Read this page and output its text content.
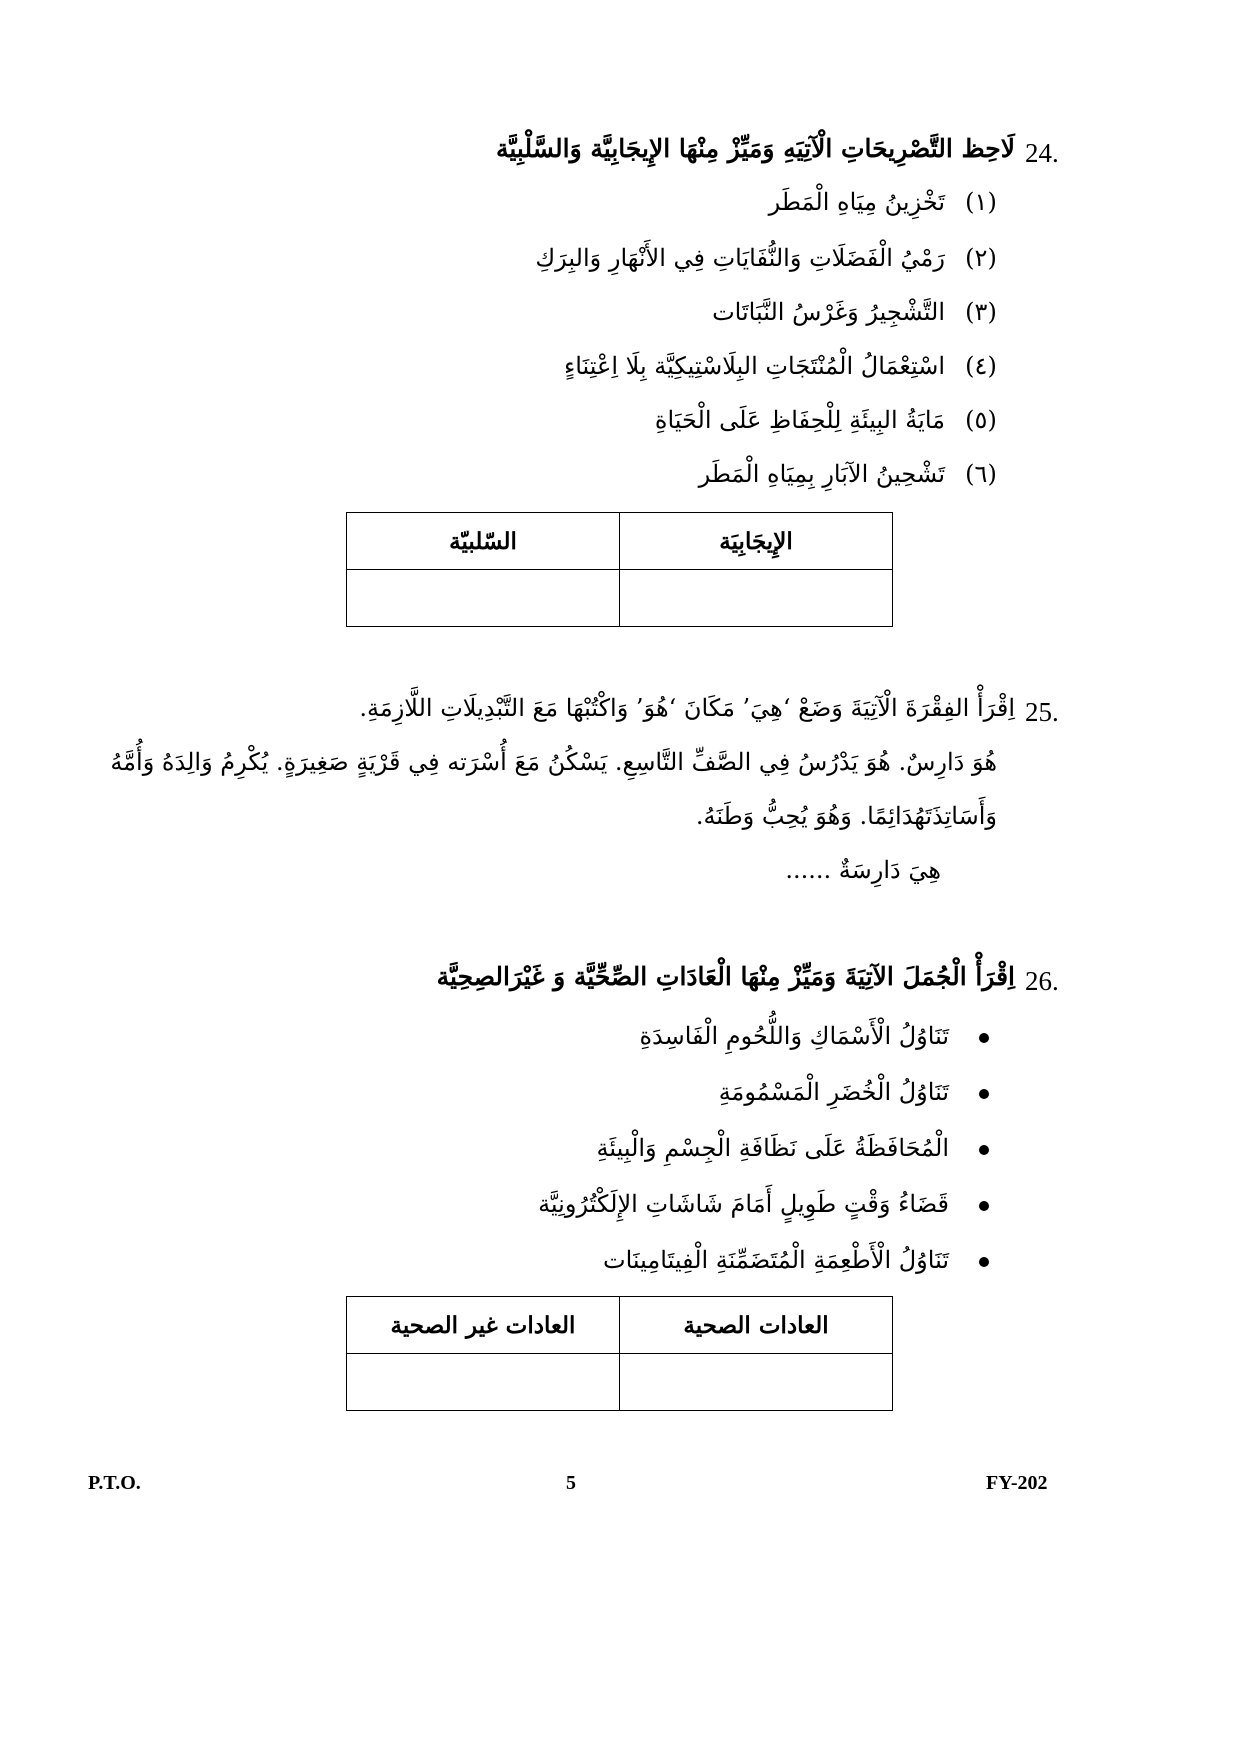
24.
لَاحِظ التَّصْرِيحَاتِ الْآتِيَهِ وَمَيِّزْ مِنْهَا الإِيجَابِيَّة وَالسَّلْبِيَّة
(١)تَخْزِينُ مِيَاهِ الْمَطَر
(٢)رَمْيُ الْفَضَلَاتِ وَالنُّفَايَاتِ فِي الأَنْهَارِ وَالبِرَكِ
(٣)التَّشْجِيرُ وَغَرْسُ النَّبَاتَات
(٤)اسْتِعْمَالُ الْمُنْتَجَاتِ البِلَاسْتِيكِيَّة بِلَا اِعْتِنَاءٍ
(٥)مَايَةُ البِيئَةِ لِلْحِفَاظِ عَلَى الْحَيَاةِ
(٦)تَشْحِينُ الآبَارِ بِمِيَاهِ الْمَطَر
الإِيجَابِيَة	السّلبيّة

25.
اِقْرَأْ الفِقْرَةَ الْآتِيَةَ وَضَعْ ‘هِيَ’ مَكَانَ ‘هُوَ’ وَاكْتُبْهَا مَعَ التَّبْدِيلَاتِ اللَّازِمَةِ.
هُوَ دَارِسٌ. هُوَ يَدْرُسُ فِي الصَّفِّ التَّاسِعِ. يَسْكُنُ مَعَ أُسْرَته فِي قَرْيَةٍ صَغِيرَةٍ. يُكْرِمُ وَالِدَهُ وَأُمَّهُ
وَأَسَاتِذَتَهُدَائِمًا. وَهُوَ يُحِبُّ وَطَنَهُ.
هِيَ دَارِسَةٌ ......
26.
اِقْرَأْ الْجُمَلَ الآتِيَةَ وَمَيِّزْ مِنْهَا الْعَادَاتِ الصِّحِّيَّة وَ غَيْرَالصِحِيَّة
تَنَاوُلُ الْأَسْمَاكِ وَاللُّحُومِ الْفَاسِدَةِ
تَنَاوُلُ الْخُضَرِ الْمَسْمُومَةِ
الْمُحَافَظَةُ عَلَى نَظَافَةِ الْجِسْمِ وَالْبِيئَةِ
قَضَاءُ وَقْتٍ طَوِيلٍ أَمَامَ شَاشَاتِ الإِلَكْتُرُونِيَّة
تَنَاوُلُ الْأَطْعِمَةِ الْمُتَضَمِّنَةِ الْفِيتَامِينَات
العادات الصحية	العادات غير الصحية

P.T.O.	5	FY-202
